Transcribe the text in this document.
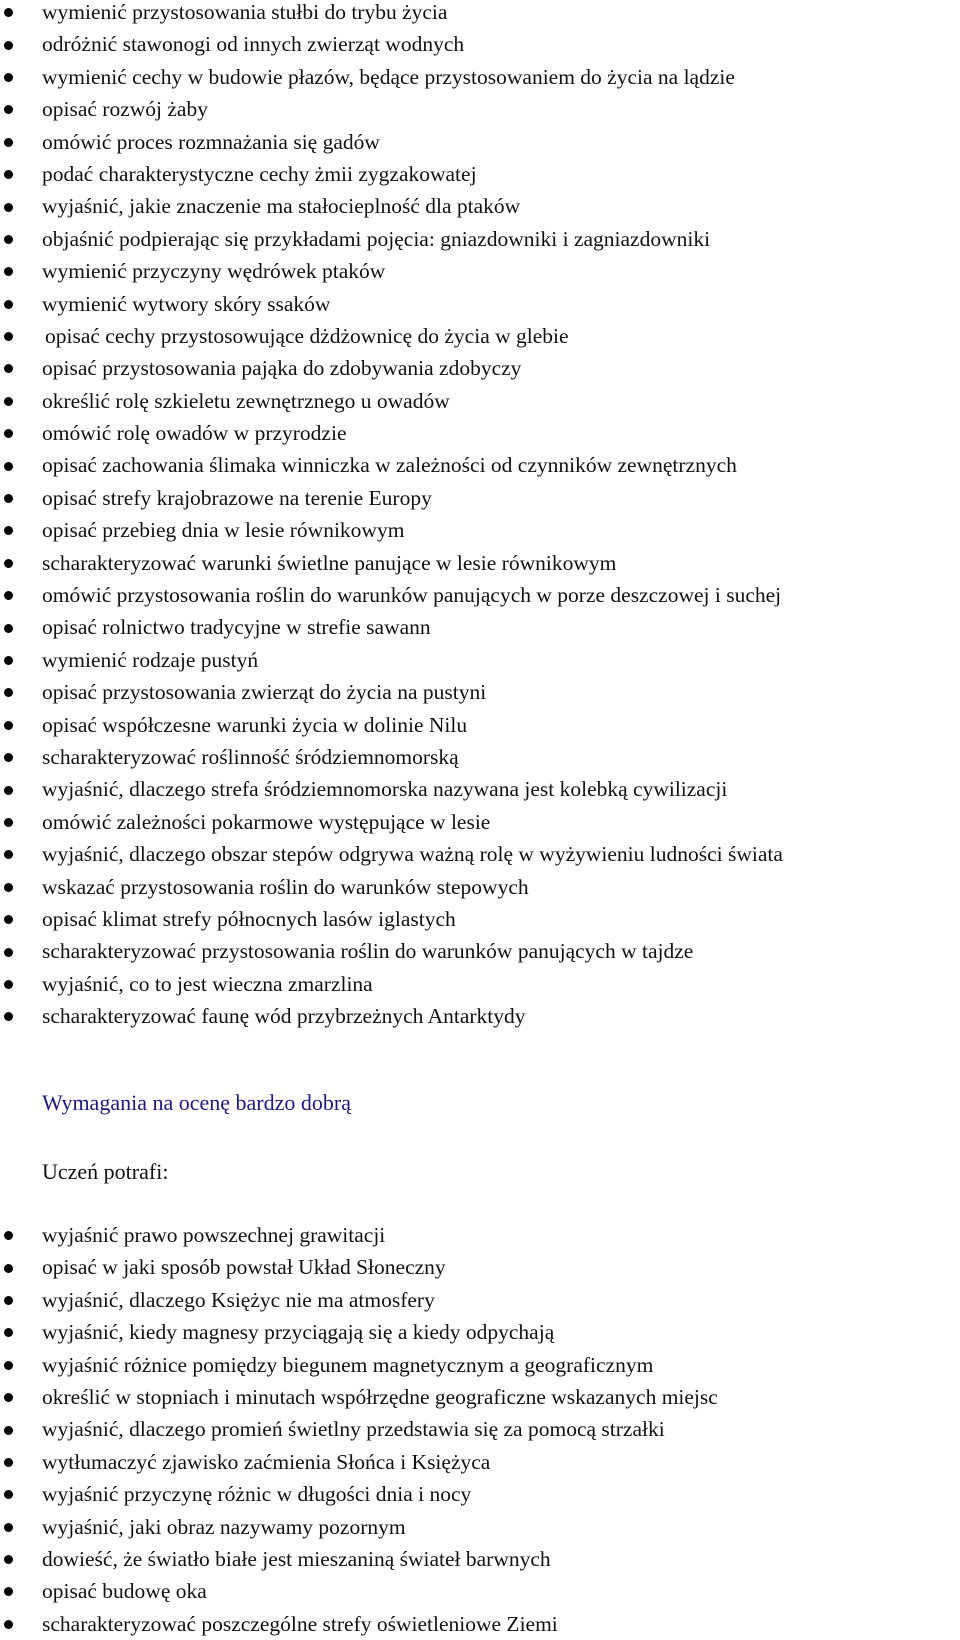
wymienić przystosowania stułbi do trybu życia
odróżnić stawonogi od innych zwierząt wodnych
wymienić cechy w budowie płazów, będące przystosowaniem do życia na lądzie
opisać rozwój żaby
omówić proces rozmnażania się gadów
podać charakterystyczne cechy żmii zygzakowatej
wyjaśnić, jakie znaczenie ma stałocieplność dla ptaków
objaśnić podpierając się przykładami pojęcia: gniazdowniki i zagniazdowniki
wymienić przyczyny wędrówek ptaków
wymienić wytwory skóry ssaków
opisać cechy przystosowujące dżdżownicę do życia w glebie
opisać przystosowania pająka do zdobywania zdobyczy
określić rolę szkieletu zewnętrznego u owadów
omówić rolę owadów w przyrodzie
opisać zachowania ślimaka winniczka w zależności od czynników zewnętrznych
opisać strefy krajobrazowe na terenie Europy
opisać przebieg dnia w lesie równikowym
scharakteryzować warunki świetlne panujące w lesie równikowym
omówić przystosowania roślin do warunków panujących w porze deszczowej i suchej
opisać rolnictwo tradycyjne w strefie sawann
wymienić rodzaje pustyń
opisać przystosowania zwierząt do życia na pustyni
opisać współczesne warunki życia w dolinie Nilu
scharakteryzować roślinność śródziemnomorską
wyjaśnić, dlaczego strefa śródziemnomorska nazywana jest kolebką cywilizacji
omówić zależności pokarmowe występujące w lesie
wyjaśnić, dlaczego obszar stepów odgrywa ważną rolę w wyżywieniu ludności świata
wskazać przystosowania roślin do warunków stepowych
opisać klimat strefy północnych lasów iglastych
scharakteryzować przystosowania roślin do warunków panujących w tajdze
wyjaśnić, co to jest wieczna zmarzlina
scharakteryzować faunę wód przybrzeżnych Antarktydy
Wymagania na ocenę bardzo dobrą
Uczeń potrafi:
wyjaśnić prawo powszechnej grawitacji
opisać w jaki sposób powstał Układ Słoneczny
wyjaśnić, dlaczego Księżyc nie ma atmosfery
wyjaśnić, kiedy magnesy przyciągają się a kiedy odpychają
wyjaśnić różnice pomiędzy biegunem magnetycznym a geograficznym
określić w stopniach i minutach współrzędne geograficzne wskazanych miejsc
wyjaśnić, dlaczego promień świetlny przedstawia się za pomocą strzałki
wytłumaczyć zjawisko zaćmienia Słońca i Księżyca
wyjaśnić przyczynę różnic w długości dnia i nocy
wyjaśnić, jaki obraz nazywamy pozornym
dowieść, że światło białe jest mieszaniną świateł barwnych
opisać budowę oka
scharakteryzować poszczególne strefy oświetleniowe Ziemi
